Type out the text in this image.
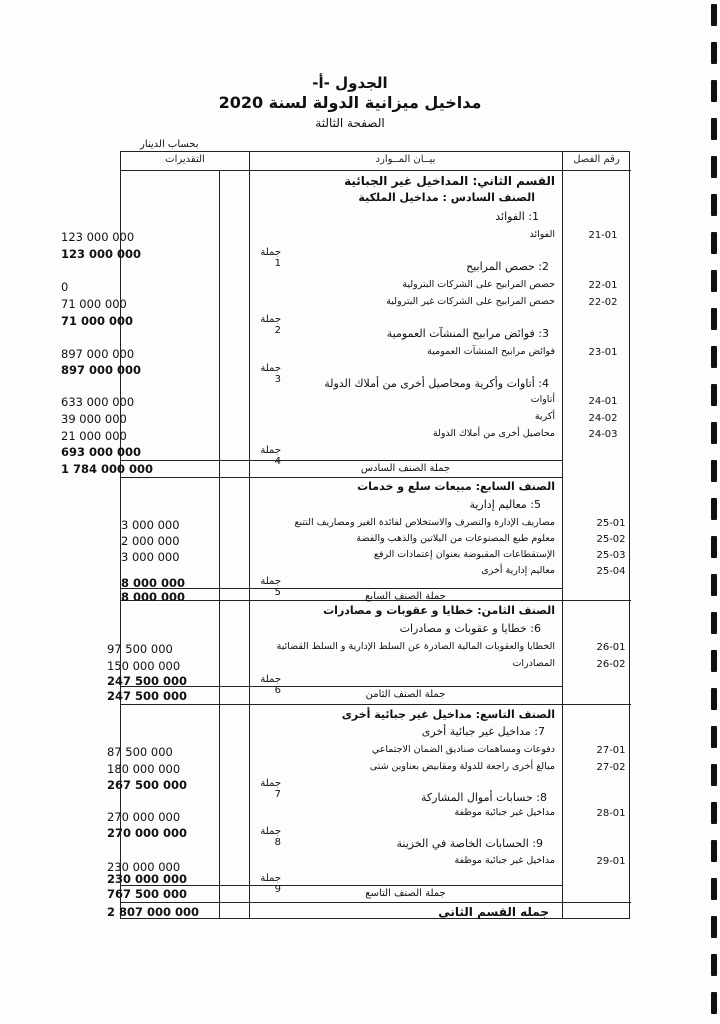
الجدول -أ-
مداخيل ميزانية الدولة لسنة 2020
الصفحة الثالثة
بحساب الدينار
التقديرات	بيــان المــوارد	رقم الفصل
القسم الثاني: المداخيل غير الجبائية
الصنف السادس : مداخيل الملكية
1: الفوائد
21-01
الفوائد
123 000 000
جملة 1
123 000 000
2: حصص المرابيح
22-01
حصص المرابيح على الشركات البترولية
0
22-02
حصص المرابيح على الشركات غير البترولية
71 000 000
جملة 2
71 000 000
3: فوائض مرابيح المنشآت العمومية
23-01
فوائض مرابيح المنشآت العمومية
897 000 000
جملة 3
897 000 000
4: أتاوات وأكرية ومحاصيل أخرى من أملاك الدولة
24-01
أتاوات
633 000 000
24-02
أكرية
39 000 000
24-03
محاصيل أخرى من أملاك الدولة
21 000 000
جملة 4
693 000 000
جملة الصنف السادس
1 784 000 000
الصنف السابع: مبيعات سلع و خدمات
5: معاليم إدارية
25-01
مصاريف الإدارة والتصرف والاستخلاص لفائدة الغير ومصاريف التتبع
3 000 000
25-02
معلوم طبع المصنوعات من البلاتين والذهب والفضة
2 000 000
25-03
الإستقطاعات المقبوضة بعنوان إعتمادات الرفع
3 000 000
25-04
معاليم إدارية أخرى
جملة 5
8 000 000
جملة الصنف السابع
8 000 000
الصنف الثامن: خطايا و عقوبات و مصادرات
6: خطايا و عقوبات و مصادرات
26-01
الخطايا والعقوبات المالية الصادرة عن السلط الإدارية و السلط القضائية
97 500 000
26-02
المصادرات
150 000 000
جملة 6
247 500 000
جملة الصنف الثامن
247 500 000
الصنف التاسع: مداخيل غير جبائية أخرى
7: مداخيل غير جبائية أخرى
27-01
دفوعات ومساهمات صناديق الضمان الاجتماعي
87 500 000
27-02
مبالغ أخرى راجعة للدولة ومقابيض بعناوين شتى
180 000 000
جملة 7
267 500 000
8: حسابات أموال المشاركة
28-01
مداخيل غير جبائية موظفة
270 000 000
جملة 8
270 000 000
9: الحسابات الخاصة في الخزينة
29-01
مداخيل غير جبائية موظفة
230 000 000
جملة 9
230 000 000
جملة الصنف التاسع
767 500 000
جمله القسم الثاني
2 807 000 000
